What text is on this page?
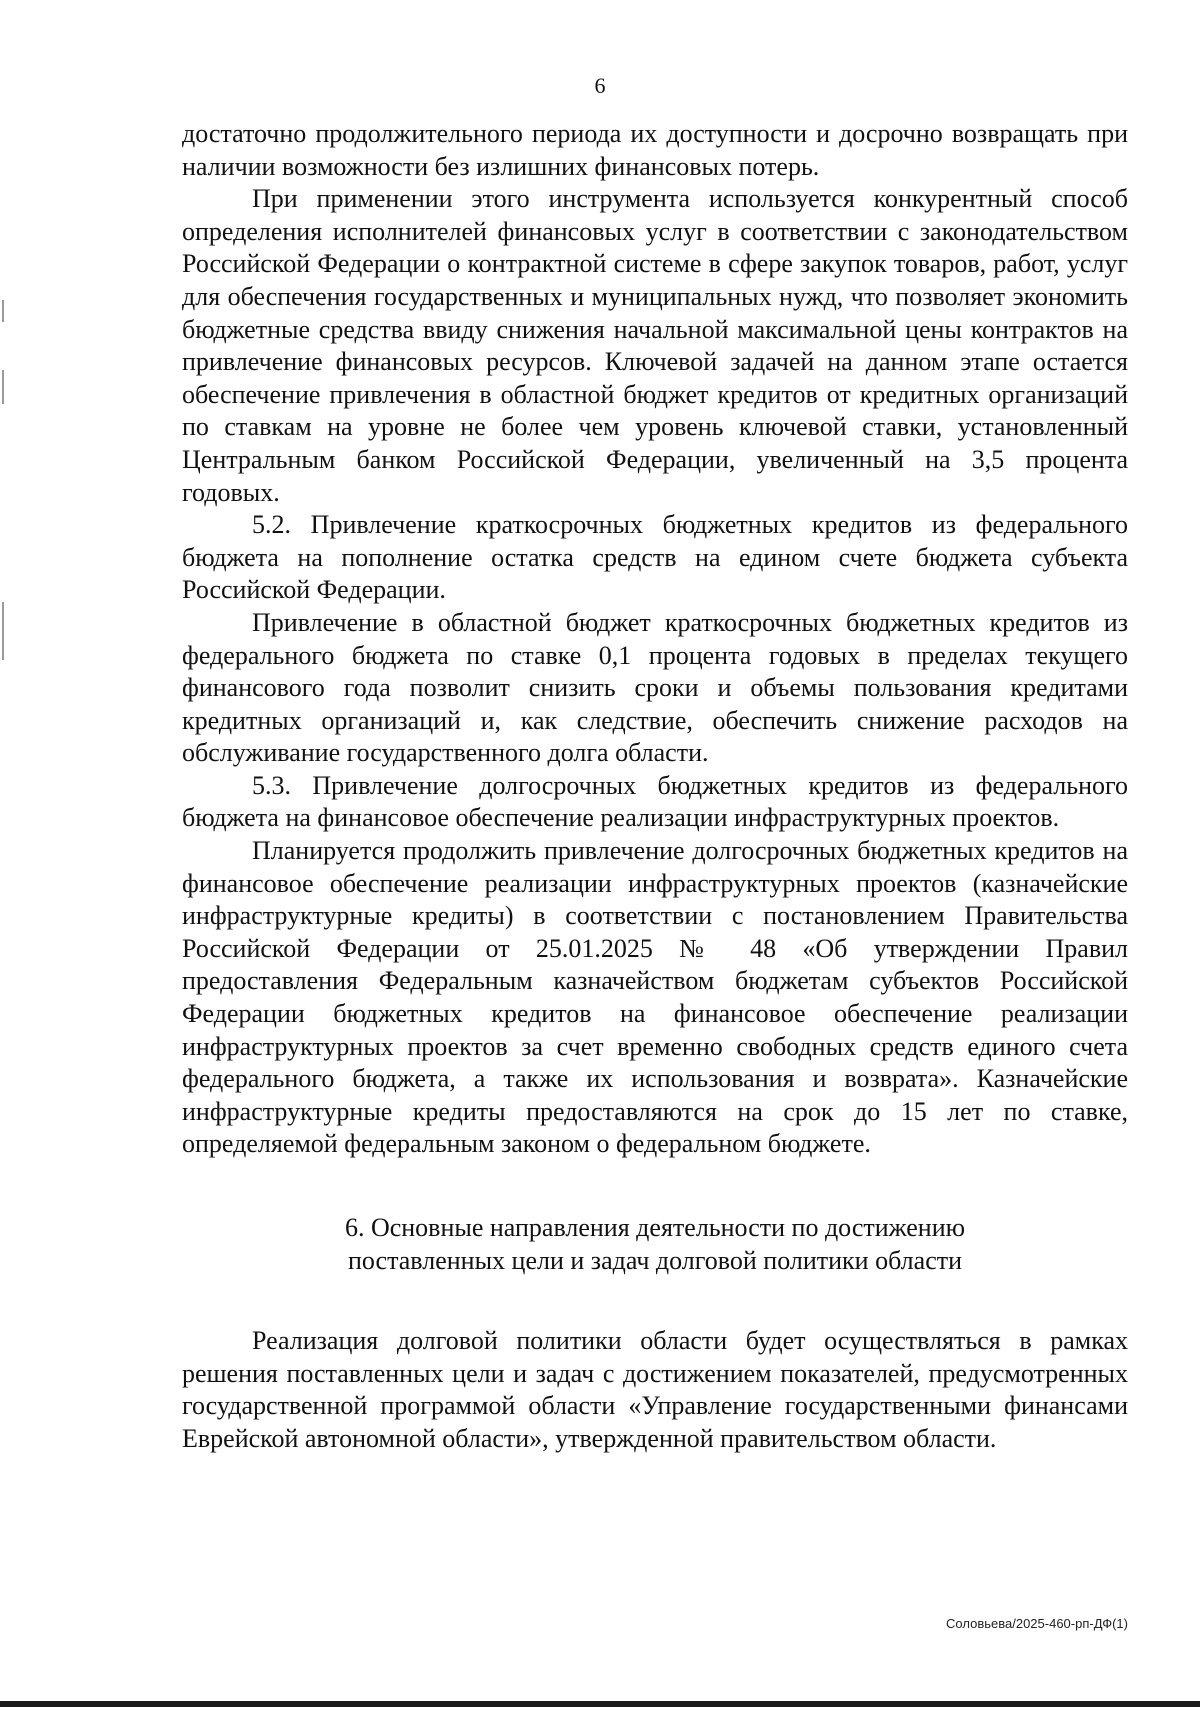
6

достаточно продолжительного периода их доступности и досрочно возвращать при наличии возможности без излишних финансовых потерь.

При применении этого инструмента используется конкурентный способ определения исполнителей финансовых услуг в соответствии с законодательством Российской Федерации о контрактной системе в сфере закупок товаров, работ, услуг для обеспечения государственных и муниципальных нужд, что позволяет экономить бюджетные средства ввиду снижения начальной максимальной цены контрактов на привлечение финансовых ресурсов. Ключевой задачей на данном этапе остается обеспечение привлечения в областной бюджет кредитов от кредитных организаций по ставкам на уровне не более чем уровень ключевой ставки, установленный Центральным банком Российской Федерации, увеличенный на 3,5 процента годовых.

5.2. Привлечение краткосрочных бюджетных кредитов из федерального бюджета на пополнение остатка средств на едином счете бюджета субъекта Российской Федерации.

Привлечение в областной бюджет краткосрочных бюджетных кредитов из федерального бюджета по ставке 0,1 процента годовых в пределах текущего финансового года позволит снизить сроки и объемы пользования кредитами кредитных организаций и, как следствие, обеспечить снижение расходов на обслуживание государственного долга области.

5.3. Привлечение долгосрочных бюджетных кредитов из федерального бюджета на финансовое обеспечение реализации инфраструктурных проектов.

Планируется продолжить привлечение долгосрочных бюджетных кредитов на финансовое обеспечение реализации инфраструктурных проектов (казначейские инфраструктурные кредиты) в соответствии с постановлением Правительства Российской Федерации от 25.01.2025 № 48 «Об утверждении Правил предоставления Федеральным казначейством бюджетам субъектов Российской Федерации бюджетных кредитов на финансовое обеспечение реализации инфраструктурных проектов за счет временно свободных средств единого счета федерального бюджета, а также их использования и возврата». Казначейские инфраструктурные кредиты предоставляются на срок до 15 лет по ставке, определяемой федеральным законом о федеральном бюджете.

6. Основные направления деятельности по достижению
поставленных цели и задач долговой политики области

Реализация долговой политики области будет осуществляться в рамках решения поставленных цели и задач с достижением показателей, предусмотренных государственной программой области «Управление государственными финансами Еврейской автономной области», утвержденной правительством области.

Соловьева/2025-460-рп-ДФ(1)
